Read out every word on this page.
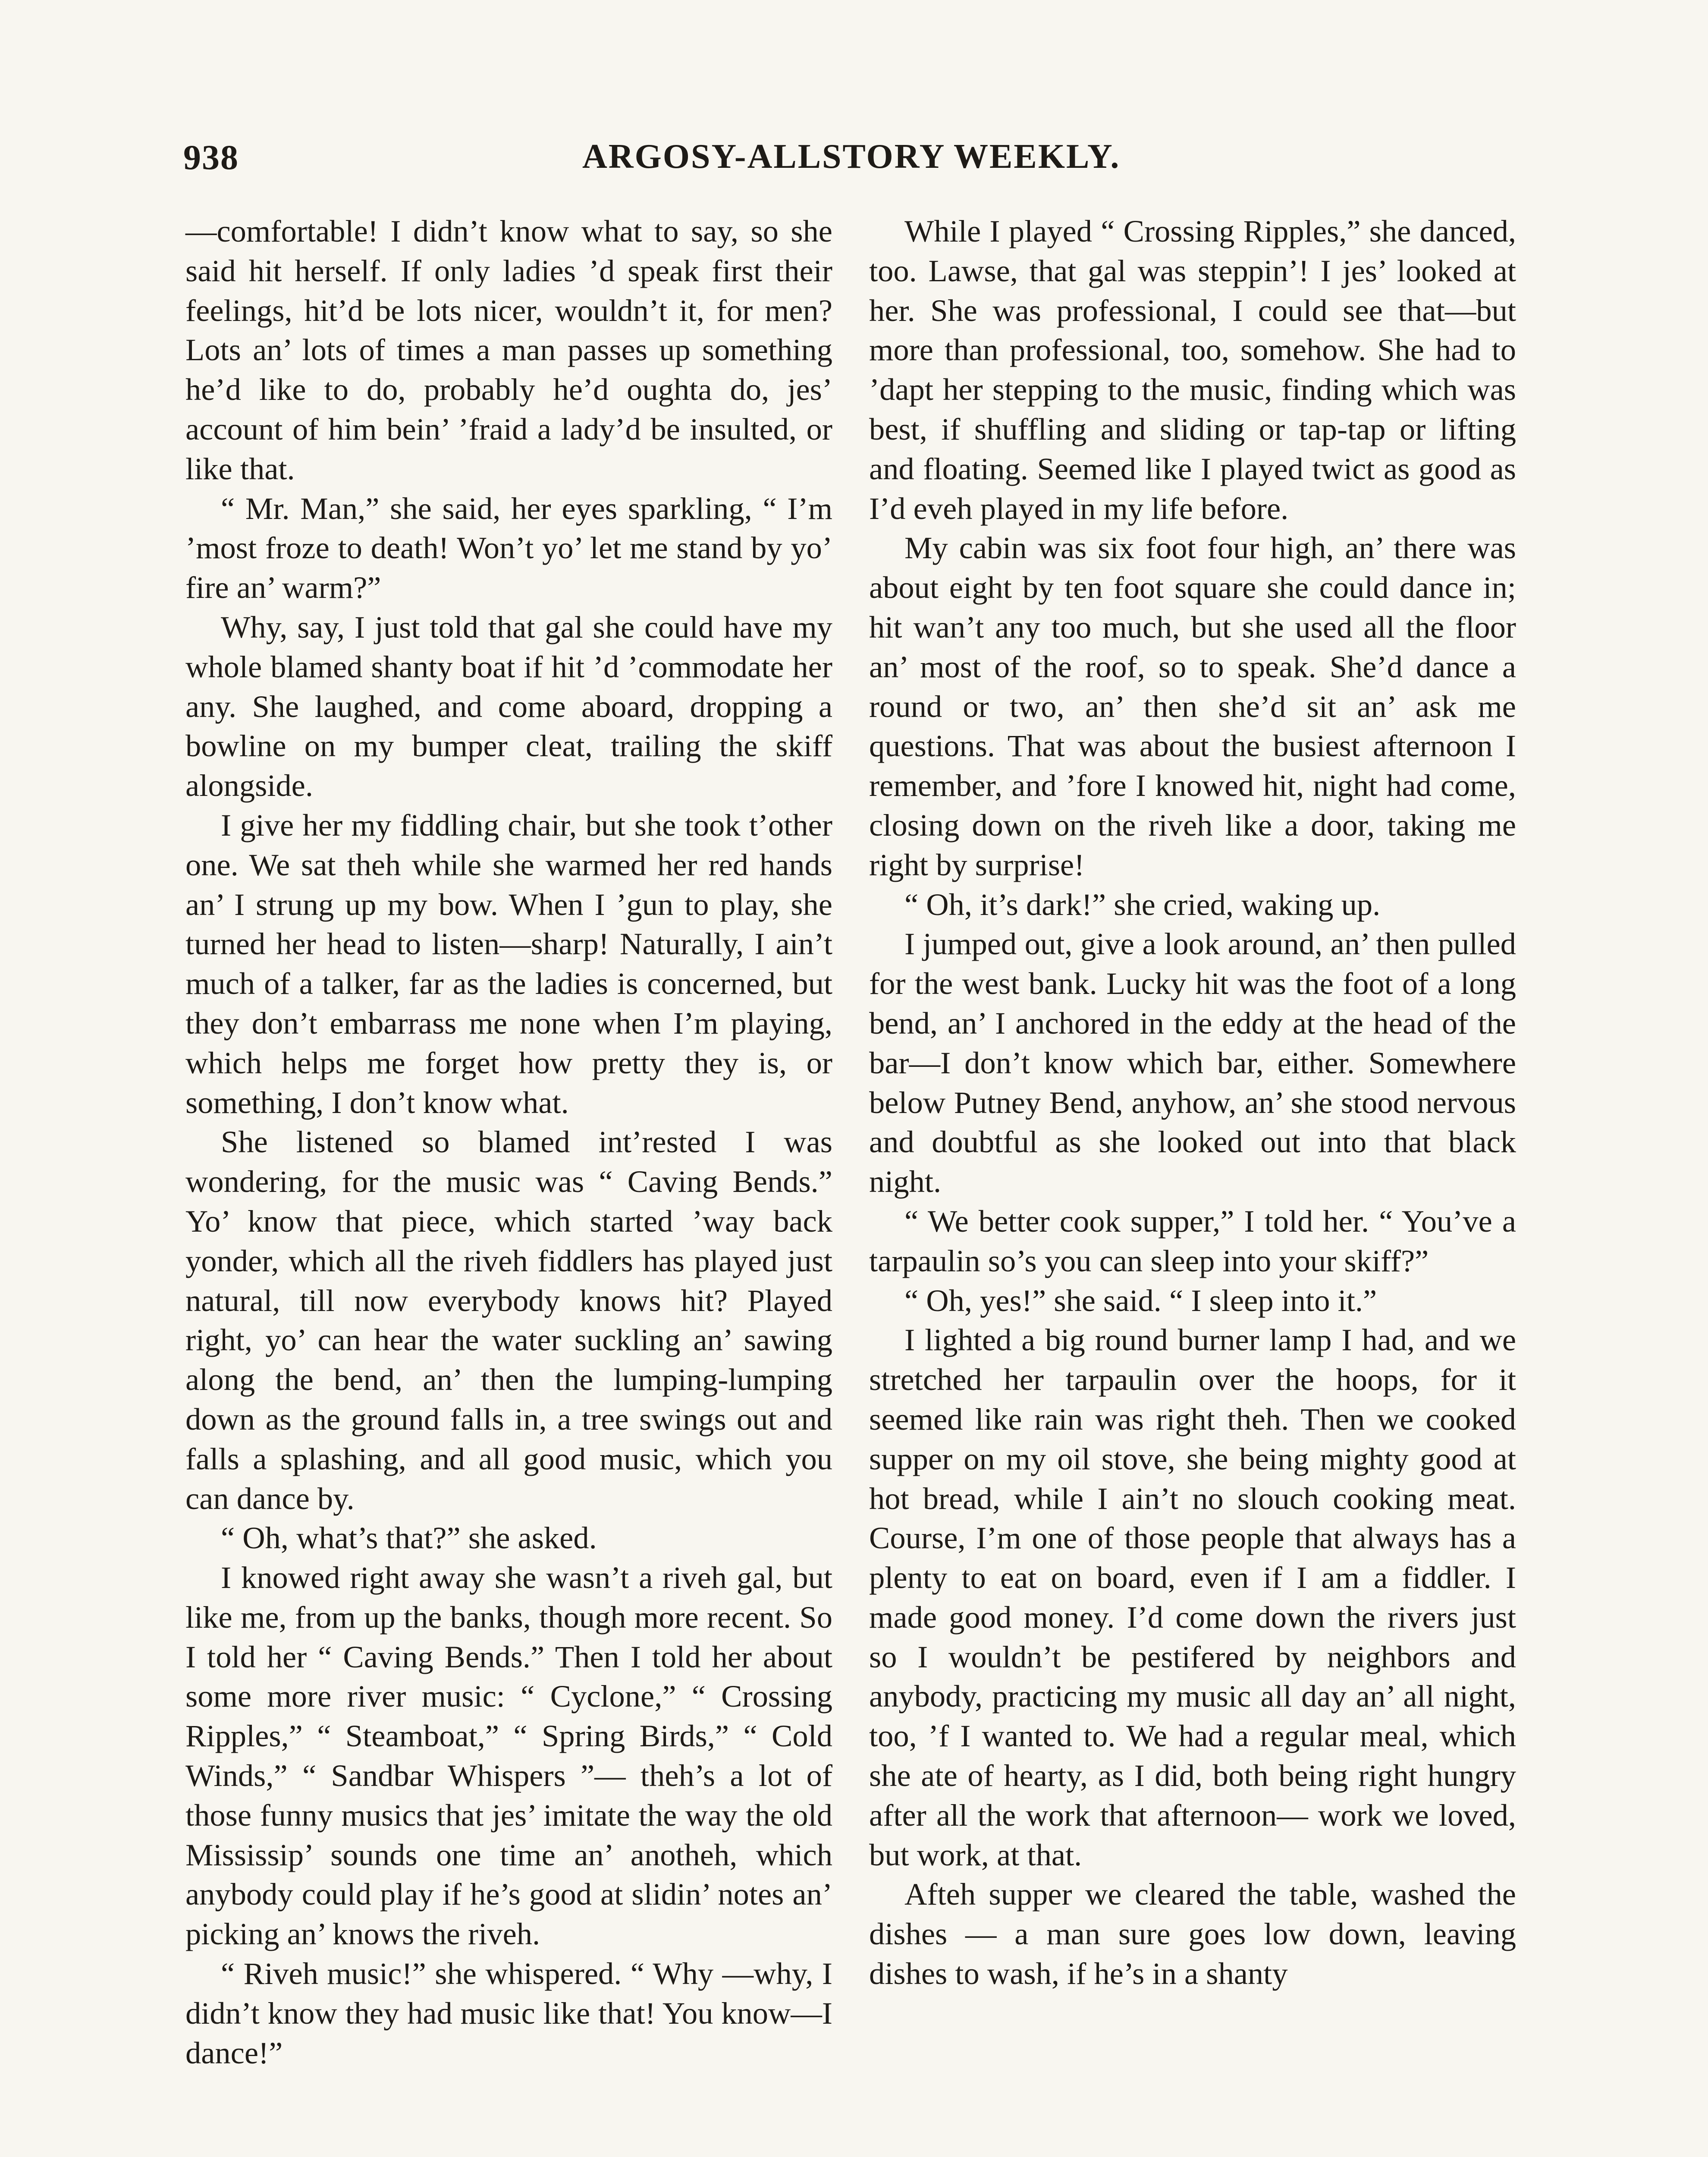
938	ARGOSY-ALLSTORY WEEKLY.

—comfortable! I didn’t know what to say, so she said hit herself. If only ladies ’d speak first their feelings, hit’d be lots nicer, wouldn’t it, for men? Lots an’ lots of times a man passes up something he’d like to do, probably he’d oughta do, jes’ account of him bein’ ’fraid a lady’d be insulted, or like that.

“ Mr. Man,” she said, her eyes sparkling, “ I’m ’most froze to death! Won’t yo’ let me stand by yo’ fire an’ warm?”

Why, say, I just told that gal she could have my whole blamed shanty boat if hit ’d ’commodate her any. She laughed, and come aboard, dropping a bowline on my bumper cleat, trailing the skiff alongside.

I give her my fiddling chair, but she took t’other one. We sat theh while she warmed her red hands an’ I strung up my bow. When I ’gun to play, she turned her head to listen—sharp! Naturally, I ain’t much of a talker, far as the ladies is concerned, but they don’t embarrass me none when I’m playing, which helps me forget how pretty they is, or something, I don’t know what.

She listened so blamed int’rested I was wondering, for the music was “ Caving Bends.” Yo’ know that piece, which started ’way back yonder, which all the riveh fiddlers has played just natural, till now everybody knows hit? Played right, yo’ can hear the water suckling an’ sawing along the bend, an’ then the lumping-lumping down as the ground falls in, a tree swings out and falls a splashing, and all good music, which you can dance by.

“ Oh, what’s that?” she asked.

I knowed right away she wasn’t a riveh gal, but like me, from up the banks, though more recent. So I told her “ Caving Bends.” Then I told her about some more river music: “ Cyclone,” “ Crossing Ripples,” “ Steamboat,” “ Spring Birds,” “ Cold Winds,” “ Sandbar Whispers ”— theh’s a lot of those funny musics that jes’ imitate the way the old Mississip’ sounds one time an’ anotheh, which anybody could play if he’s good at slidin’ notes an’ picking an’ knows the riveh.

“ Riveh music!” she whispered. “ Why —why, I didn’t know they had music like that! You know—I dance!”

While I played “ Crossing Ripples,” she danced, too. Lawse, that gal was steppin’! I jes’ looked at her. She was professional, I could see that—but more than professional, too, somehow. She had to ’dapt her stepping to the music, finding which was best, if shuffling and sliding or tap-tap or lifting and floating. Seemed like I played twict as good as I’d eveh played in my life before.

My cabin was six foot four high, an’ there was about eight by ten foot square she could dance in; hit wan’t any too much, but she used all the floor an’ most of the roof, so to speak. She’d dance a round or two, an’ then she’d sit an’ ask me questions. That was about the busiest afternoon I remember, and ’fore I knowed hit, night had come, closing down on the riveh like a door, taking me right by surprise!

“ Oh, it’s dark!” she cried, waking up.

I jumped out, give a look around, an’ then pulled for the west bank. Lucky hit was the foot of a long bend, an’ I anchored in the eddy at the head of the bar—I don’t know which bar, either. Somewhere below Putney Bend, anyhow, an’ she stood nervous and doubtful as she looked out into that black night.

“ We better cook supper,” I told her. “ You’ve a tarpaulin so’s you can sleep into your skiff?”

“ Oh, yes!” she said. “ I sleep into it.”

I lighted a big round burner lamp I had, and we stretched her tarpaulin over the hoops, for it seemed like rain was right theh. Then we cooked supper on my oil stove, she being mighty good at hot bread, while I ain’t no slouch cooking meat. Course, I’m one of those people that always has a plenty to eat on board, even if I am a fiddler. I made good money. I’d come down the rivers just so I wouldn’t be pestifered by neighbors and anybody, practicing my music all day an’ all night, too, ’f I wanted to. We had a regular meal, which she ate of hearty, as I did, both being right hungry after all the work that afternoon— work we loved, but work, at that.

Afteh supper we cleared the table, washed the dishes — a man sure goes low down, leaving dishes to wash, if he’s in a shanty
